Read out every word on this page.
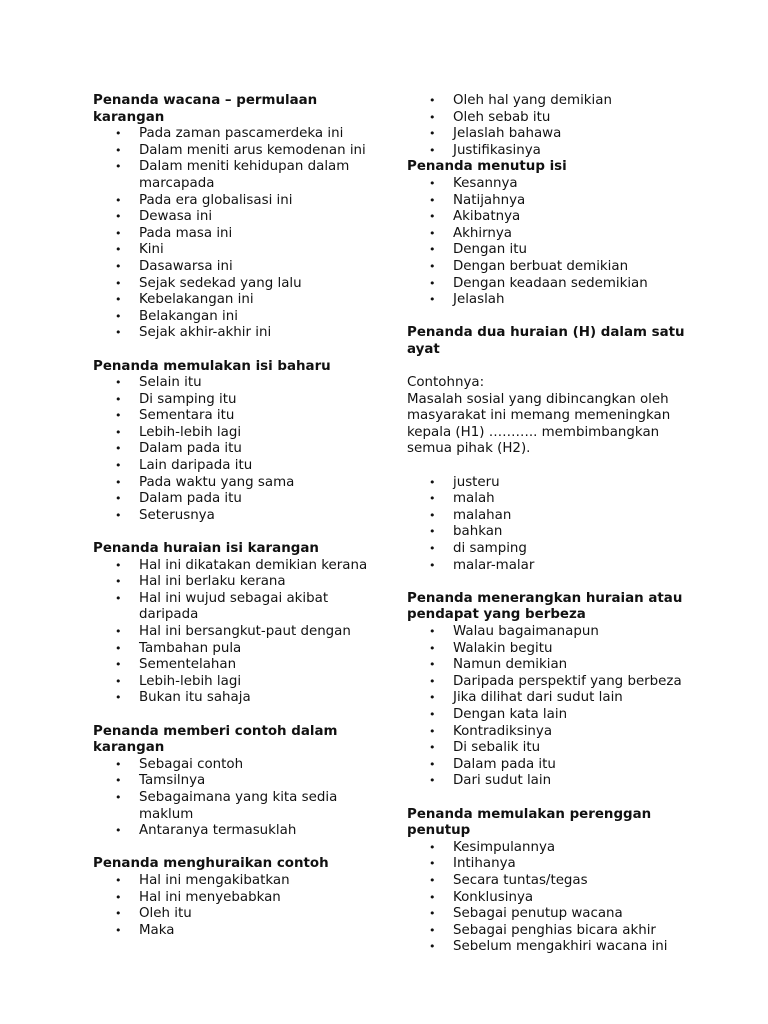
Penanda wacana – permulaan karangan

• Pada zaman pascamerdeka ini
• Dalam meniti arus kemodenan ini
• Dalam meniti kehidupan dalam marcapada
• Pada era globalisasi ini
• Dewasa ini
• Pada masa ini
• Kini
• Dasawarsa ini
• Sejak sedekad yang lalu
• Kebelakangan ini
• Belakangan ini
• Sejak akhir-akhir ini

Penanda memulakan isi baharu

• Selain itu
• Di samping itu
• Sementara itu
• Lebih-lebih lagi
• Dalam pada itu
• Lain daripada itu
• Pada waktu yang sama
• Dalam pada itu
• Seterusnya

Penanda huraian isi karangan

• Hal ini dikatakan demikian kerana
• Hal ini berlaku kerana
• Hal ini wujud sebagai akibat daripada
• Hal ini bersangkut-paut dengan
• Tambahan pula
• Sementelahan
• Lebih-lebih lagi
• Bukan itu sahaja

Penanda memberi contoh dalam karangan

• Sebagai contoh
• Tamsilnya
• Sebagaimana yang kita sedia maklum
• Antaranya termasuklah

Penanda menghuraikan contoh

• Hal ini mengakibatkan
• Hal ini menyebabkan
• Oleh itu
• Maka
• Oleh hal yang demikian
• Oleh sebab itu
• Jelaslah bahawa
• Justifikasinya

Penanda menutup isi

• Kesannya
• Natijahnya
• Akibatnya
• Akhirnya
• Dengan itu
• Dengan berbuat demikian
• Dengan keadaan sedemikian
• Jelaslah

Penanda dua huraian (H) dalam satu ayat

Contohnya:

Masalah sosial yang dibincangkan oleh masyarakat ini memang memeningkan kepala (H1) ……….. membimbangkan semua pihak (H2).

• justeru
• malah
• malahan
• bahkan
• di samping
• malar-malar

Penanda menerangkan huraian atau pendapat yang berbeza

• Walau bagaimanapun
• Walakin begitu
• Namun demikian
• Daripada perspektif yang berbeza
• Jika dilihat dari sudut lain
• Dengan kata lain
• Kontradiksinya
• Di sebalik itu
• Dalam pada itu
• Dari sudut lain

Penanda memulakan perenggan penutup

• Kesimpulannya
• Intihanya
• Secara tuntas/tegas
• Konklusinya
• Sebagai penutup wacana
• Sebagai penghias bicara akhir
• Sebelum mengakhiri wacana ini
